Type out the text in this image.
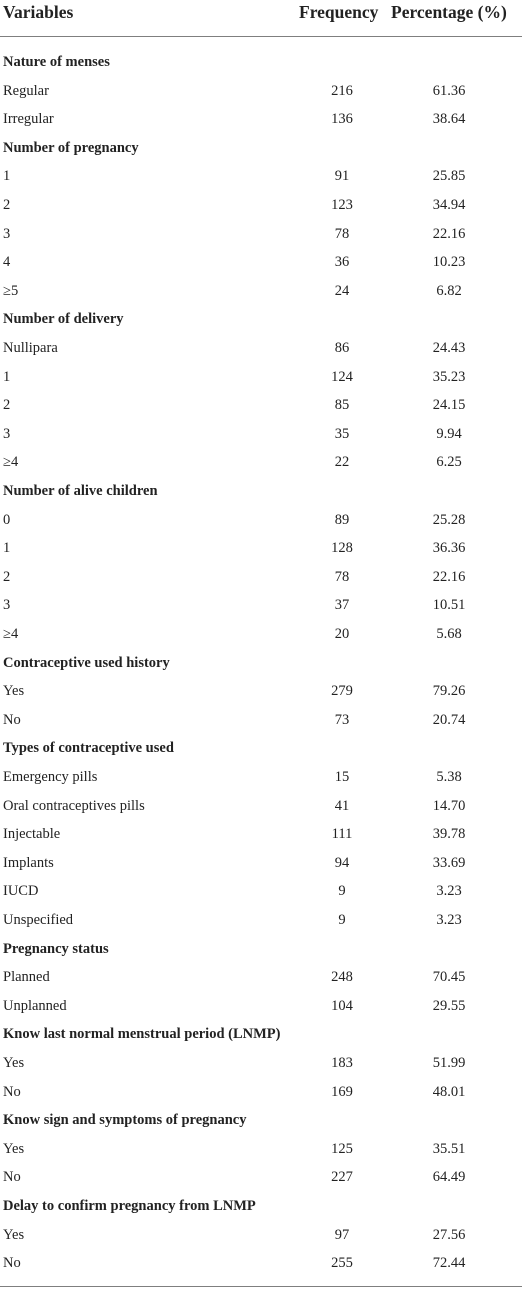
Variables	Frequency Percentage (%)
Nature of menses
Regular	216	61.36
Irregular	136	38.64
Number of pregnancy
1	91	25.85
2	123	34.94
3	78	22.16
4	36	10.23
≥5	24	6.82
Number of delivery
Nullipara	86	24.43
1	124	35.23
2	85	24.15
3	35	9.94
≥4	22	6.25
Number of alive children
0	89	25.28
1	128	36.36
2	78	22.16
3	37	10.51
≥4	20	5.68
Contraceptive used history
Yes	279	79.26
No	73	20.74
Types of contraceptive used
Emergency pills	15	5.38
Oral contraceptives pills	41	14.70
Injectable	111	39.78
Implants	94	33.69
IUCD	9	3.23
Unspecified	9	3.23
Pregnancy status
Planned	248	70.45
Unplanned	104	29.55
Know last normal menstrual period (LNMP)
Yes	183	51.99
No	169	48.01
Know sign and symptoms of pregnancy
Yes	125	35.51
No	227	64.49
Delay to confirm pregnancy from LNMP
Yes	97	27.56
No	255	72.44
